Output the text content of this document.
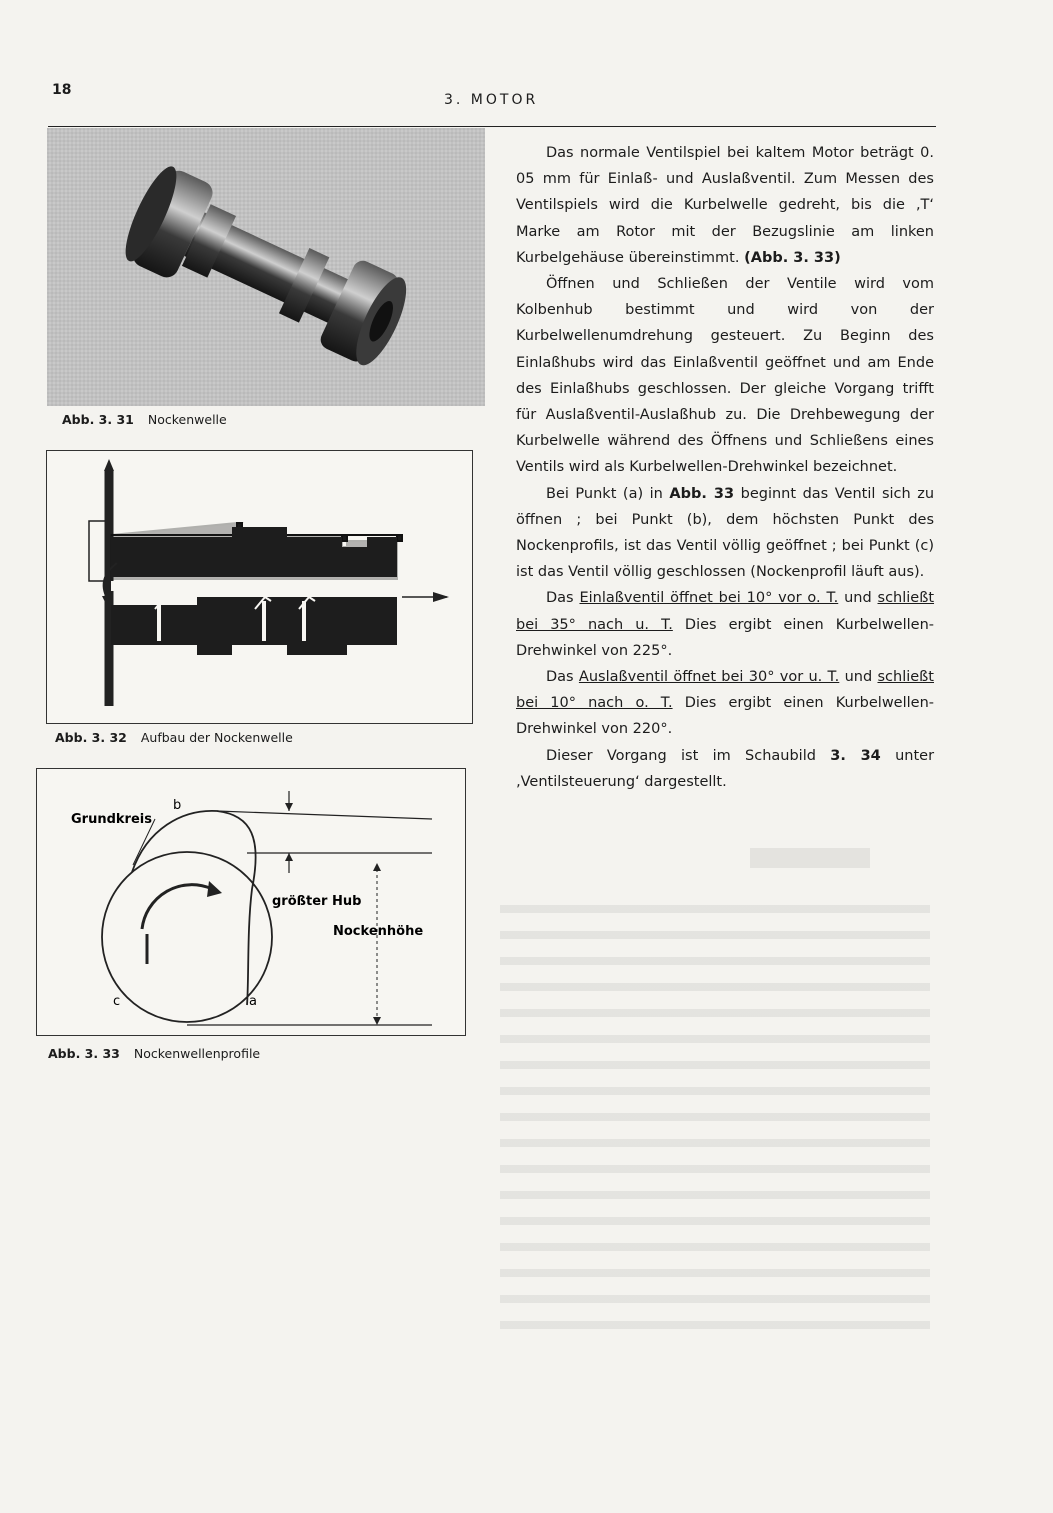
18
3. MOTOR
Abb. 3. 31 Nockenwelle
Abb. 3. 32 Aufbau der Nockenwelle
Grundkreis
b
größter Hub
Nockenhöhe
c	a
Abb. 3. 33 Nockenwellenprofile

Das normale Ventilspiel bei kaltem Motor beträgt 0. 05 mm für Einlaß- und Auslaßventil. Zum Messen des Ventilspiels wird die Kurbelwelle gedreht, bis die ‚T‘ Marke am Rotor mit der Bezugslinie am linken Kurbelgehäuse übereinstimmt. (Abb. 3. 33)

Öffnen und Schließen der Ventile wird vom Kolbenhub bestimmt und wird von der Kurbelwellenumdrehung gesteuert. Zu Beginn des Einlaßhubs wird das Einlaßventil geöffnet und am Ende des Einlaßhubs geschlossen. Der gleiche Vorgang trifft für Auslaßventil-Auslaßhub zu. Die Drehbewegung der Kurbelwelle während des Öffnens und Schließens eines Ventils wird als Kurbelwellen-Drehwinkel bezeichnet.

Bei Punkt (a) in Abb. 33 beginnt das Ventil sich zu öffnen ; bei Punkt (b), dem höchsten Punkt des Nockenprofils, ist das Ventil völlig geöffnet ; bei Punkt (c) ist das Ventil völlig geschlossen (Nockenprofil läuft aus).

Das Einlaßventil öffnet bei 10° vor o. T. und schließt bei 35° nach u. T. Dies ergibt einen Kurbelwellen-Drehwinkel von 225°.

Das Auslaßventil öffnet bei 30° vor u. T. und schließt bei 10° nach o. T. Dies ergibt einen Kurbelwellen-Drehwinkel von 220°.

Dieser Vorgang ist im Schaubild 3. 34 unter ‚Ventilsteuerung‘ dargestellt.
